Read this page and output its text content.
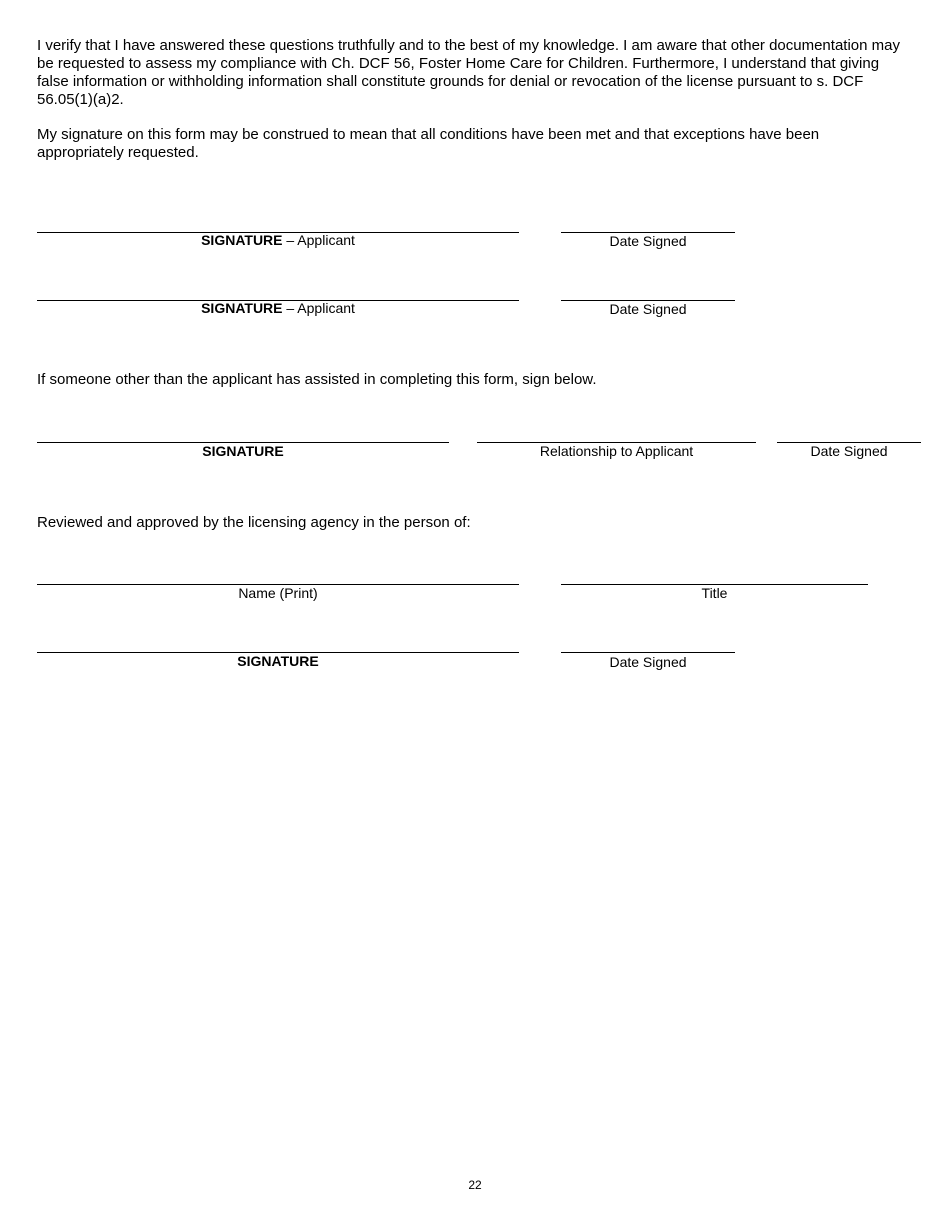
I verify that I have answered these questions truthfully and to the best of my knowledge. I am aware that other documentation may be requested to assess my compliance with Ch. DCF 56, Foster Home Care for Children. Furthermore, I understand that giving false information or withholding information shall constitute grounds for denial or revocation of the license pursuant to s. DCF 56.05(1)(a)2.

My signature on this form may be construed to mean that all conditions have been met and that exceptions have been appropriately requested.

SIGNATURE – Applicant	Date Signed
SIGNATURE – Applicant	Date Signed

If someone other than the applicant has assisted in completing this form, sign below.

SIGNATURE	Relationship to Applicant	Date Signed

Reviewed and approved by the licensing agency in the person of:

Name (Print)	Title
SIGNATURE	Date Signed
22
